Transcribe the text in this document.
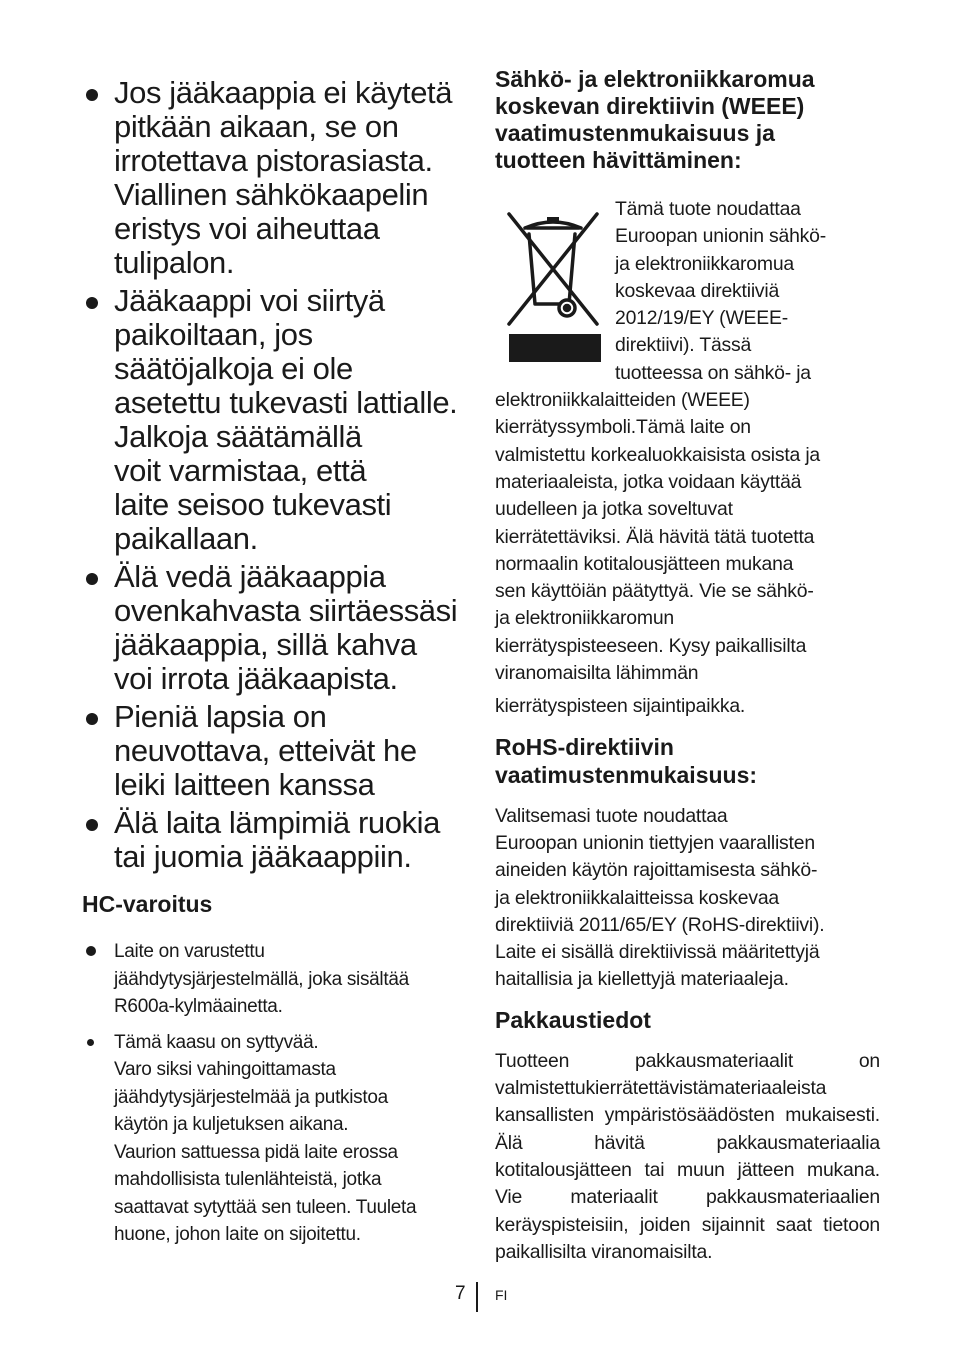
Jos jääkaappia ei käytetä
pitkään aikaan, se on
irrotettava pistorasiasta.
Viallinen sähkökaapelin
eristys voi aiheuttaa
tulipalon.
Jääkaappi voi siirtyä
paikoiltaan, jos
säätöjalkoja ei ole
asetettu tukevasti lattialle.
Jalkoja säätämällä
voit varmistaa, että
laite seisoo tukevasti
paikallaan.
Älä vedä jääkaappia
ovenkahvasta siirtäessäsi
jääkaappia, sillä kahva
voi irrota jääkaapista.
Pieniä lapsia on
neuvottava, etteivät he
leiki laitteen kanssa
Älä laita lämpimiä ruokia
tai juomia jääkaappiin.
HC-varoitus
Laite on varustettu
jäähdytysjärjestelmällä, joka sisältää
R600a-kylmäainetta.
Tämä kaasu on syttyvää.
Varo siksi vahingoittamasta
jäähdytysjärjestelmää ja putkistoa
käytön ja kuljetuksen aikana.
Vaurion sattuessa pidä laite erossa
mahdollisista tulenlähteistä, jotka
saattavat sytyttää sen tuleen. Tuuleta
huone, johon laite on sijoitettu.
Sähkö- ja elektroniikkaromua
koskevan direktiivin (WEEE)
vaatimustenmukaisuus ja
tuotteen hävittäminen:

Tämä tuote noudattaa
Euroopan unionin sähkö-
ja elektroniikkaromua
koskevaa direktiiviä
2012/19/EY (WEEE-
direktiivi). Tässä
tuotteessa on sähkö- ja
elektroniikkalaitteiden (WEEE)
kierrätyssymboli.Tämä laite on
valmistettu korkealuokkaisista osista ja
materiaaleista, jotka voidaan käyttää
uudelleen ja jotka soveltuvat
kierrätettäviksi. Älä hävitä tätä tuotetta
normaalin kotitalousjätteen mukana
sen käyttöiän päätyttyä. Vie se sähkö-
ja elektroniikkaromun
kierrätyspisteeseen. Kysy paikallisilta
viranomaisilta lähimmän

kierrätyspisteen sijaintipaikka.

RoHS-direktiivin
vaatimustenmukaisuus:

Valitsemasi tuote noudattaa
Euroopan unionin tiettyjen vaarallisten
aineiden käytön rajoittamisesta sähkö-
ja elektroniikkalaitteissa koskevaa
direktiiviä 2011/65/EY (RoHS-direktiivi).
Laite ei sisällä direktiivissä määritettyjä
haitallisia ja kiellettyjä materiaaleja.

Pakkaustiedot

Tuotteen pakkausmateriaalit on valmistettukierrätettävistämateriaaleista kansallisten ympäristösäädösten mukaisesti. Älä hävitä pakkausmateriaalia kotitalousjätteen tai muun jätteen mukana. Vie materiaalit pakkausmateriaalien keräyspisteisiin, joiden sijainnit saat tietoon paikallisilta viranomaisilta.

7 FI
